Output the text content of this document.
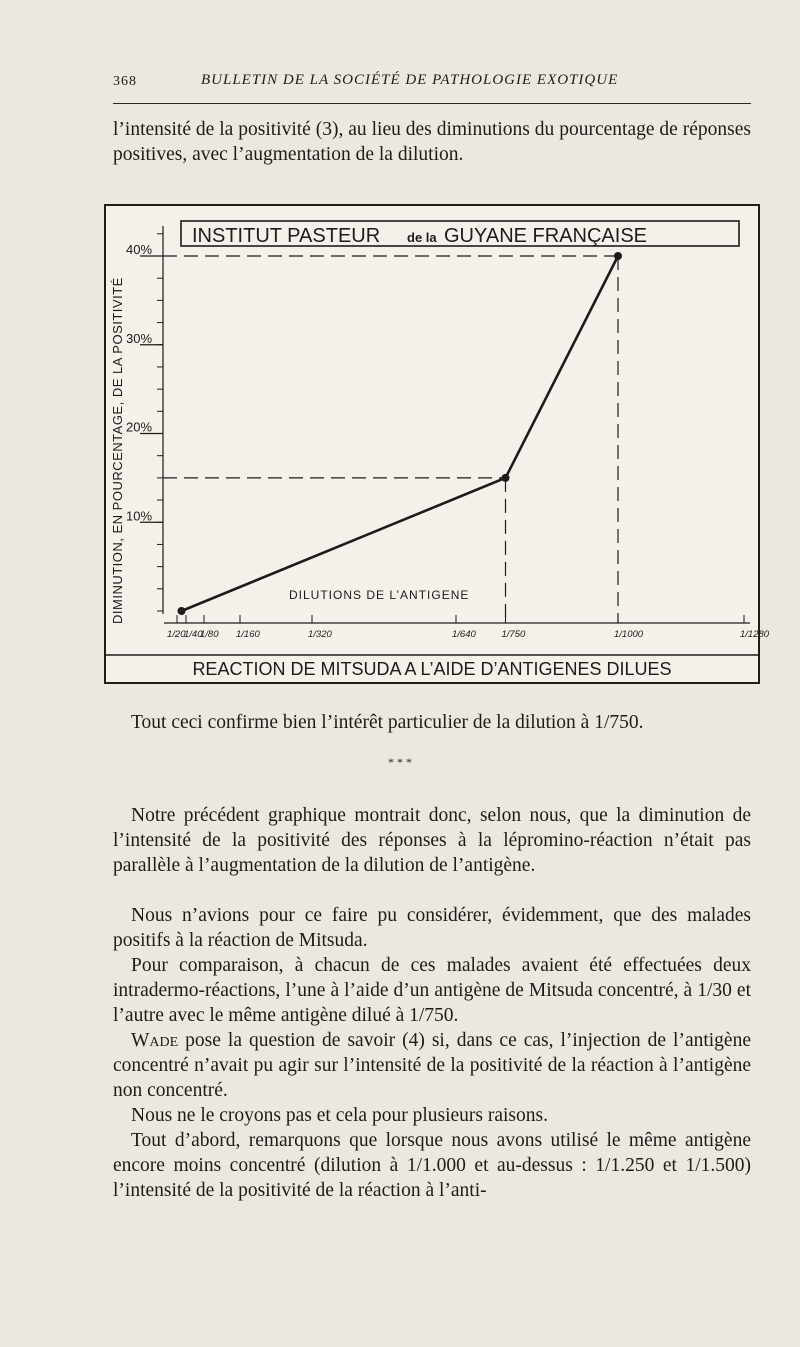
368	BULLETIN DE LA SOCIÉTÉ DE PATHOLOGIE EXOTIQUE

l’intensité de la positivité (3), au lieu des diminutions du pourcentage de réponses positives, avec l’augmentation de la dilution.

INSTITUT PASTEUR de la GUYANE FRANÇAISE
10%
20%
30%
40%
DIMINUTION, EN POURCENTAGE, DE LA POSITIVITÉ
1/20
1/40
1/80 1/160	1/320	1/640	1/750	1/1000	1/1280
DILUTIONS DE L’ANTIGENE
REACTION DE MITSUDA A L’AIDE D’ANTIGENES DILUES

Tout ceci confirme bien l’intérêt particulier de la dilution à 1/750.

* * *

Notre précédent graphique montrait donc, selon nous, que la diminution de l’intensité de la positivité des réponses à la lépromino-réaction n’était pas parallèle à l’augmentation de la dilution de l’antigène.

Nous n’avions pour ce faire pu considérer, évidemment, que des malades positifs à la réaction de Mitsuda.

Pour comparaison, à chacun de ces malades avaient été effectuées deux intradermo-réactions, l’une à l’aide d’un antigène de Mitsuda concentré, à 1/30 et l’autre avec le même antigène dilué à 1/750.

Wade pose la question de savoir (4) si, dans ce cas, l’injection de l’antigène concentré n’avait pu agir sur l’intensité de la positivité de la réaction à l’antigène non concentré.

Nous ne le croyons pas et cela pour plusieurs raisons.

Tout d’abord, remarquons que lorsque nous avons utilisé le même antigène encore moins concentré (dilution à 1/1.000 et au-dessus : 1/1.250 et 1/1.500) l’intensité de la positivité de la réaction à l’anti-
